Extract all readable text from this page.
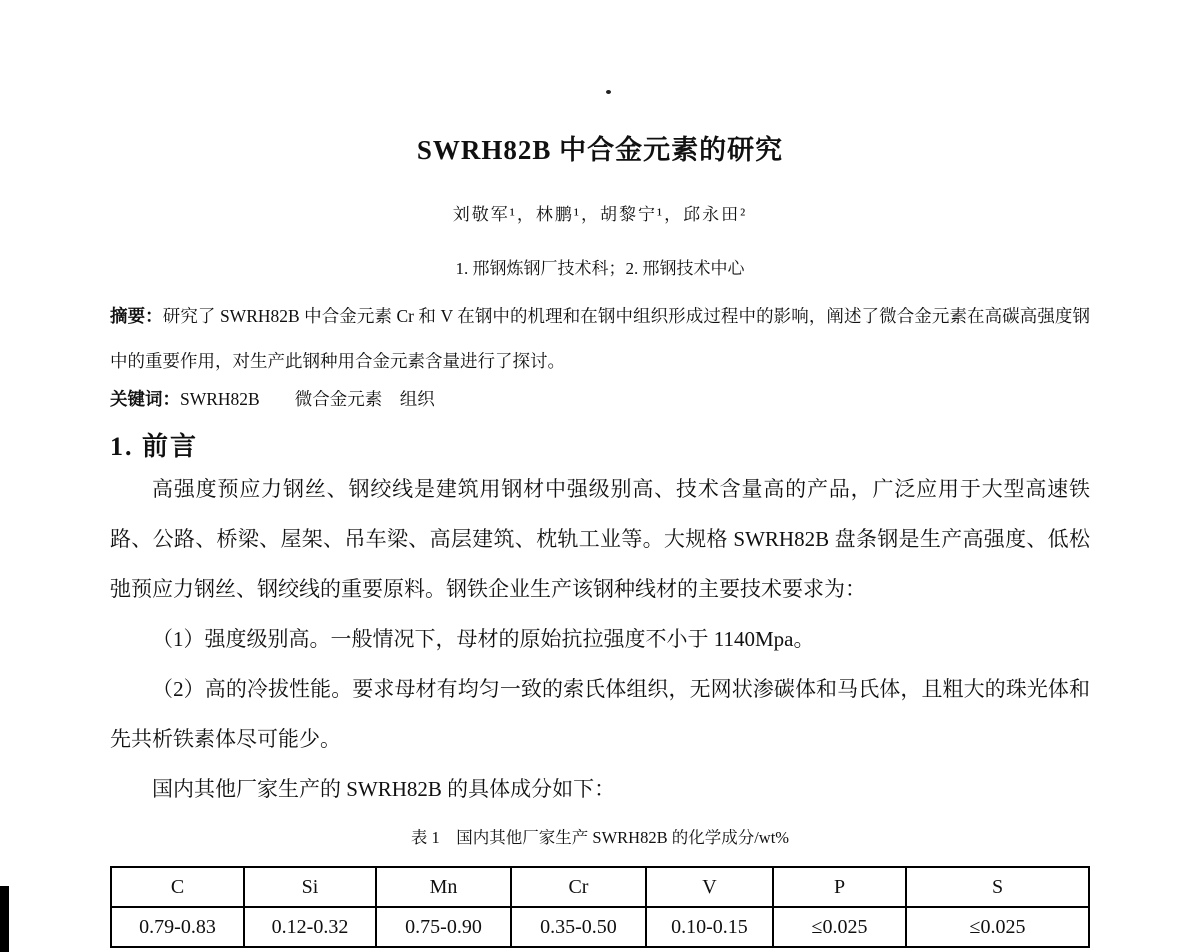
SWRH82B 中合金元素的研究

刘敬军¹，林鹏¹，胡黎宁¹，邱永田²

1. 邢钢炼钢厂技术科；2. 邢钢技术中心

摘要：研究了 SWRH82B 中合金元素 Cr 和 V 在钢中的机理和在钢中组织形成过程中的影响，阐述了微合金元素在高碳高强度钢中的重要作用，对生产此钢种用合金元素含量进行了探讨。

关键词：SWRH82B　　微合金元素　组织

1. 前言

高强度预应力钢丝、钢绞线是建筑用钢材中强级别高、技术含量高的产品，广泛应用于大型高速铁路、公路、桥梁、屋架、吊车梁、高层建筑、枕轨工业等。大规格 SWRH82B 盘条钢是生产高强度、低松弛预应力钢丝、钢绞线的重要原料。钢铁企业生产该钢种线材的主要技术要求为：

（1）强度级别高。一般情况下，母材的原始抗拉强度不小于 1140Mpa。

（2）高的冷拔性能。要求母材有均匀一致的索氏体组织，无网状渗碳体和马氏体，且粗大的珠光体和先共析铁素体尽可能少。

国内其他厂家生产的 SWRH82B 的具体成分如下：

表 1　国内其他厂家生产 SWRH82B 的化学成分/wt%

C	Si	Mn	Cr	V	P	S
0.79-0.83	0.12-0.32	0.75-0.90	0.35-0.50	0.10-0.15	≤0.025	≤0.025
